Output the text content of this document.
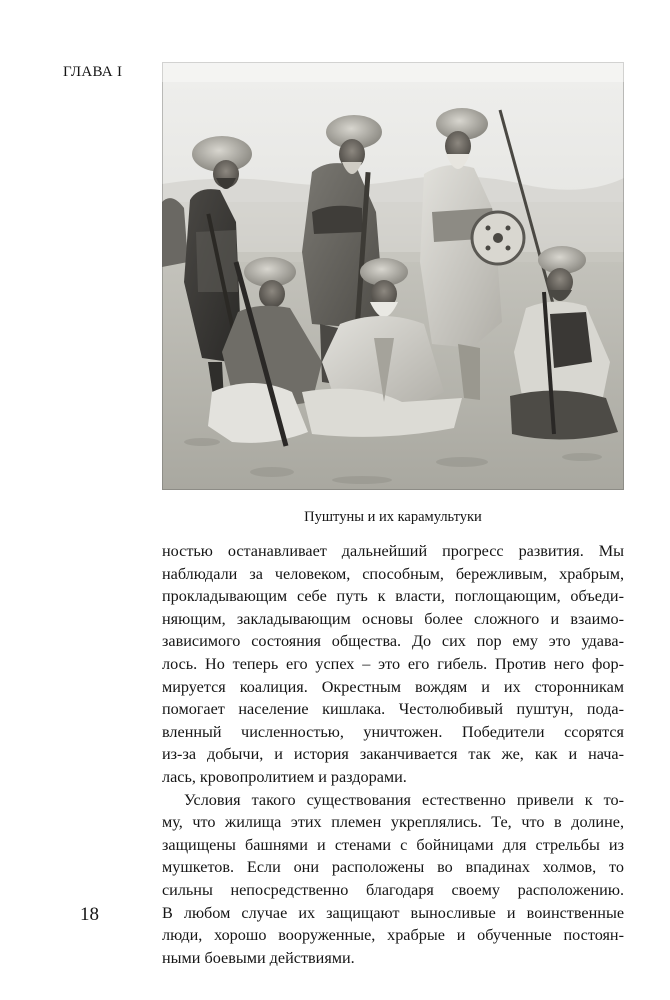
ГЛАВА I
Пуштуны и их карамультуки
ностью останавливает дальнейший прогресс развития. Мы
наблюдали за человеком, способным, бережливым, храбрым,
прокладывающим себе путь к власти, поглощающим, объеди-
няющим, закладывающим основы более сложного и взаимо-
зависимого состояния общества. До сих пор ему это удава-
лось. Но теперь его успех – это его гибель. Против него фор-
мируется коалиция. Окрестным вождям и их сторонникам
помогает население кишлака. Честолюбивый пуштун, пода-
вленный численностью, уничтожен. Победители ссорятся
из-за добычи, и история заканчивается так же, как и нача-
лась, кровопролитием и раздорами.
Условия такого существования естественно привели к то-
му, что жилища этих племен укреплялись. Те, что в долине,
защищены башнями и стенами с бойницами для стрельбы из
мушкетов. Если они расположены во впадинах холмов, то
сильны непосредственно благодаря своему расположению.
В любом случае их защищают выносливые и воинственные
люди, хорошо вооруженные, храбрые и обученные постоян-
ными боевыми действиями.
18
